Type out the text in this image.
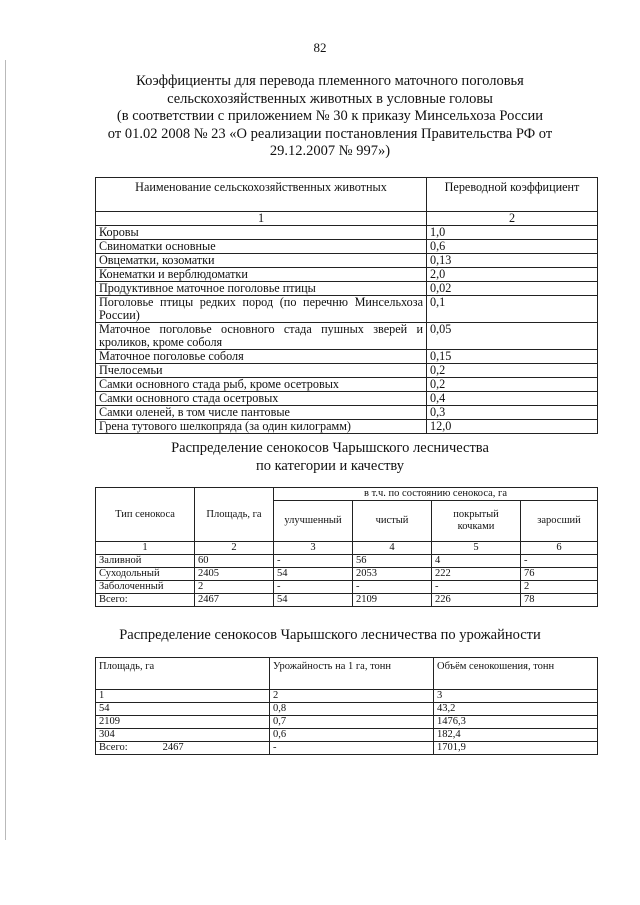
82
Коэффициенты для перевода племенного маточного поголовья
сельскохозяйственных животных в условные головы
(в соответствии с приложением № 30 к приказу Минсельхоза России
от 01.02 2008 № 23 «О реализации постановления Правительства РФ от
29.12.2007 № 997»)
Наименование сельскохозяйственных животных	Переводной коэффициент
1	2
Коровы	1,0
Свиноматки основные	0,6
Овцематки, козоматки	0,13
Конематки и верблюдоматки	2,0
Продуктивное маточное поголовье птицы	0,02
Поголовье птицы редких пород (по перечню Минсельхоза России)	0,1
Маточное поголовье основного стада пушных зверей и кроликов, кроме соболя	0,05
Маточное поголовье соболя	0,15
Пчелосемьи	0,2
Самки основного стада рыб, кроме осетровых	0,2
Самки основного стада осетровых	0,4
Самки оленей, в том числе пантовые	0,3
Грена тутового шелкопряда (за один килограмм)	12,0
Распределение сенокосов Чарышского лесничества
по категории и качеству
Тип сенокоса	Площадь, га	в т.ч. по состоянию сенокоса, га			
		улучшенный	чистый	покрытый кочками	заросший
1	2	3	4	5	6
Заливной	60	-	56	4	-
Суходольный	2405	54	2053	222	76
Заболоченный	2	-	-	-	2
Всего:	2467	54	2109	226	78
Распределение сенокосов Чарышского лесничества по урожайности
Площадь, га	Урожайность на 1 га, тонн	Объём сенокошения, тонн
1	2	3
54	0,8	43,2
2109	0,7	1476,3
304	0,6	182,4

Всего: 2467	-	1701,9
